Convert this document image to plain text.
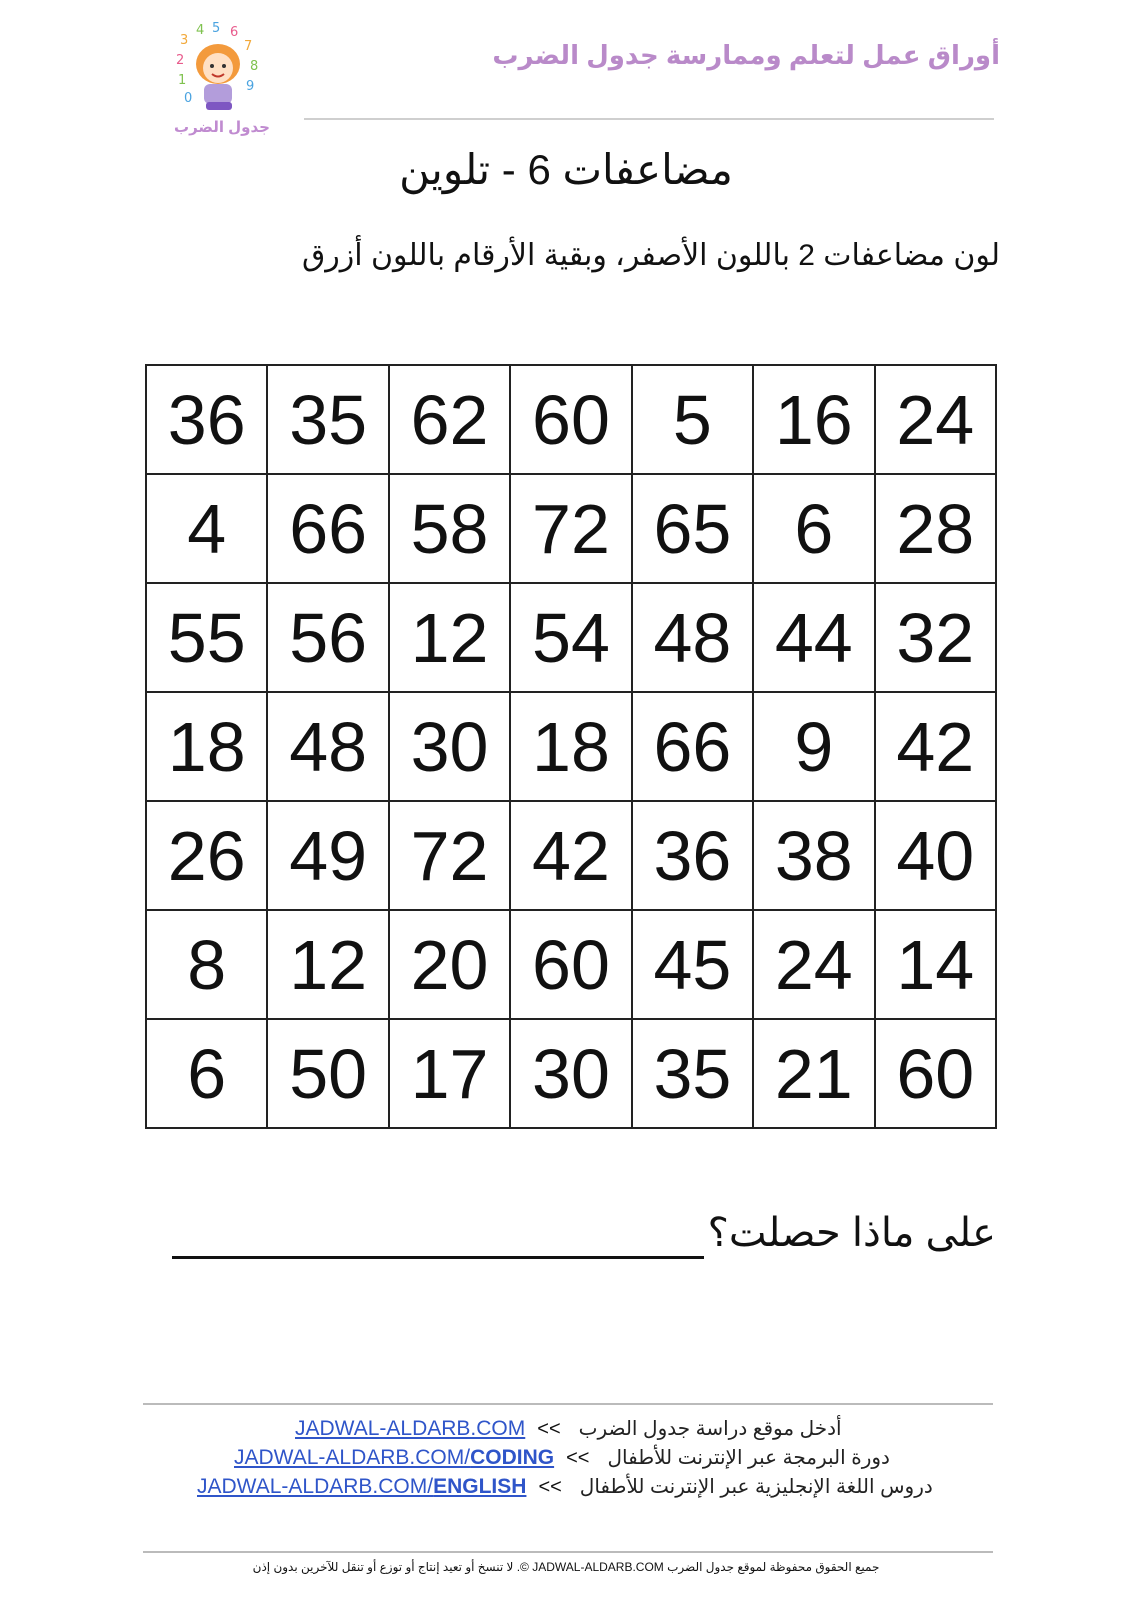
3
4 5 6
7
8
9
2
1
0
جدول الضرب
أوراق عمل لتعلم وممارسة جدول الضرب
مضاعفات 6 - تلوين
لون مضاعفات 2 باللون الأصفر، وبقية الأرقام باللون أزرق
36	35	62	60	5	16	24
4	66	58	72	65	6	28
55	56	12	54	48	44	32
18	48	30	18	66	9	42
26	49	72	42	36	38	40
8	12	20	60	45	24	14
6	50	17	30	35	21	60
على ماذا حصلت؟
JADWAL-ALDARB.COM << أدخل موقع دراسة جدول الضرب
JADWAL-ALDARB.COM/CODING << دورة البرمجة عبر الإنترنت للأطفال
JADWAL-ALDARB.COM/ENGLISH << دروس اللغة الإنجليزية عبر الإنترنت للأطفال
جميع الحقوق محفوظة لموقع جدول الضرب JADWAL-ALDARB.COM ©. لا تنسخ أو تعيد إنتاج أو توزع أو تنقل للآخرين بدون إذن
